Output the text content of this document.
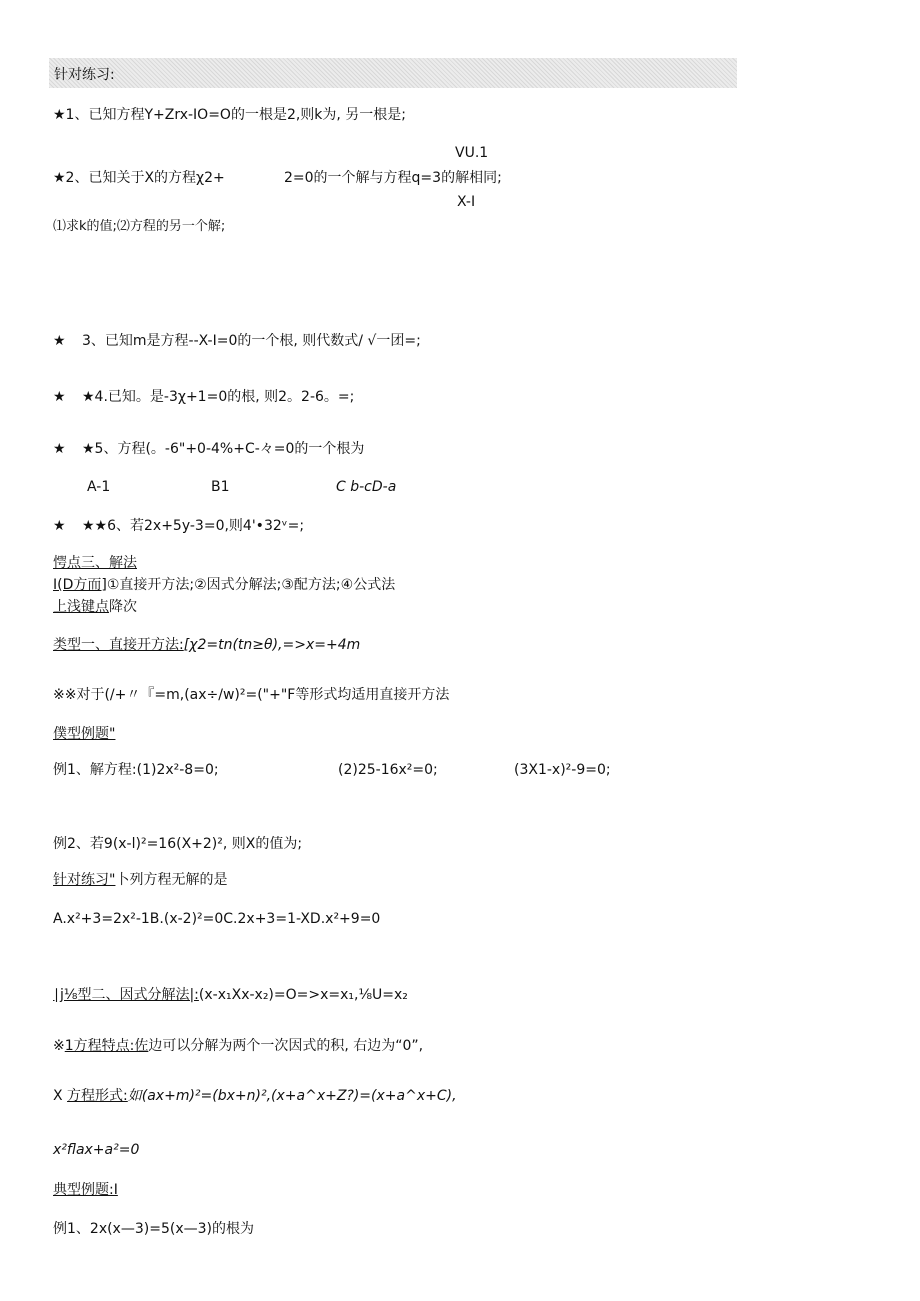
针对练习:
★1、已知方程Y+Zrx-IO=O的一根是2,则k为, 另一根是;
VU.1
★2、已知关于X的方程χ2+	2=0的一个解与方程q=3的解相同;
X-I
⑴求k的值;⑵方程的另一个解;
★ 3、已知m是方程--X-I=0的一个根, 则代数式/ √一团=;
★ ★4.已知。是-3χ+1=0的根, 则2。2-6。=;
★ ★5、方程(。-6"+0-4%+C-々=0的一个根为
A-1	B1	C b-cD-a
★ ★★6、若2x+5y-3=0,则4'•32ᵛ=;
愕点三、解法
I(D方而]①直接开方法;②因式分解法;③配方法;④公式法
上浅键点降次
类型一、直接开方法:[χ2=tn(tn≥θ),=>x=+4m
※※对于(/+〃『=m,(ax÷/w)²=("+"F等形式均适用直接开方法
僕型例题"
例1、解方程:(1)2x²-8=0;	(2)25-16x²=0;	(3X1-x)²-9=0;
例2、若9(x-l)²=16(X+2)², 则X的值为;
针对练习"卜列方程无解的是
A.x²+3=2x²-1B.(x-2)²=0C.2x+3=1-XD.x²+9=0
∣j⅛型二、因式分解法|:(x-x₁Xx-x₂)=O=>x=x₁,⅛U=x₂
※1方程特点:佐边可以分解为两个一次因式的积, 右边为“0”,
X 方程形式:如(ax+m)²=(bx+n)²,(x+a^x+Z?)=(x+a^x+C),
x²flax+a²=0
典型例题:I
例1、2x(x—3)=5(x—3)的根为
